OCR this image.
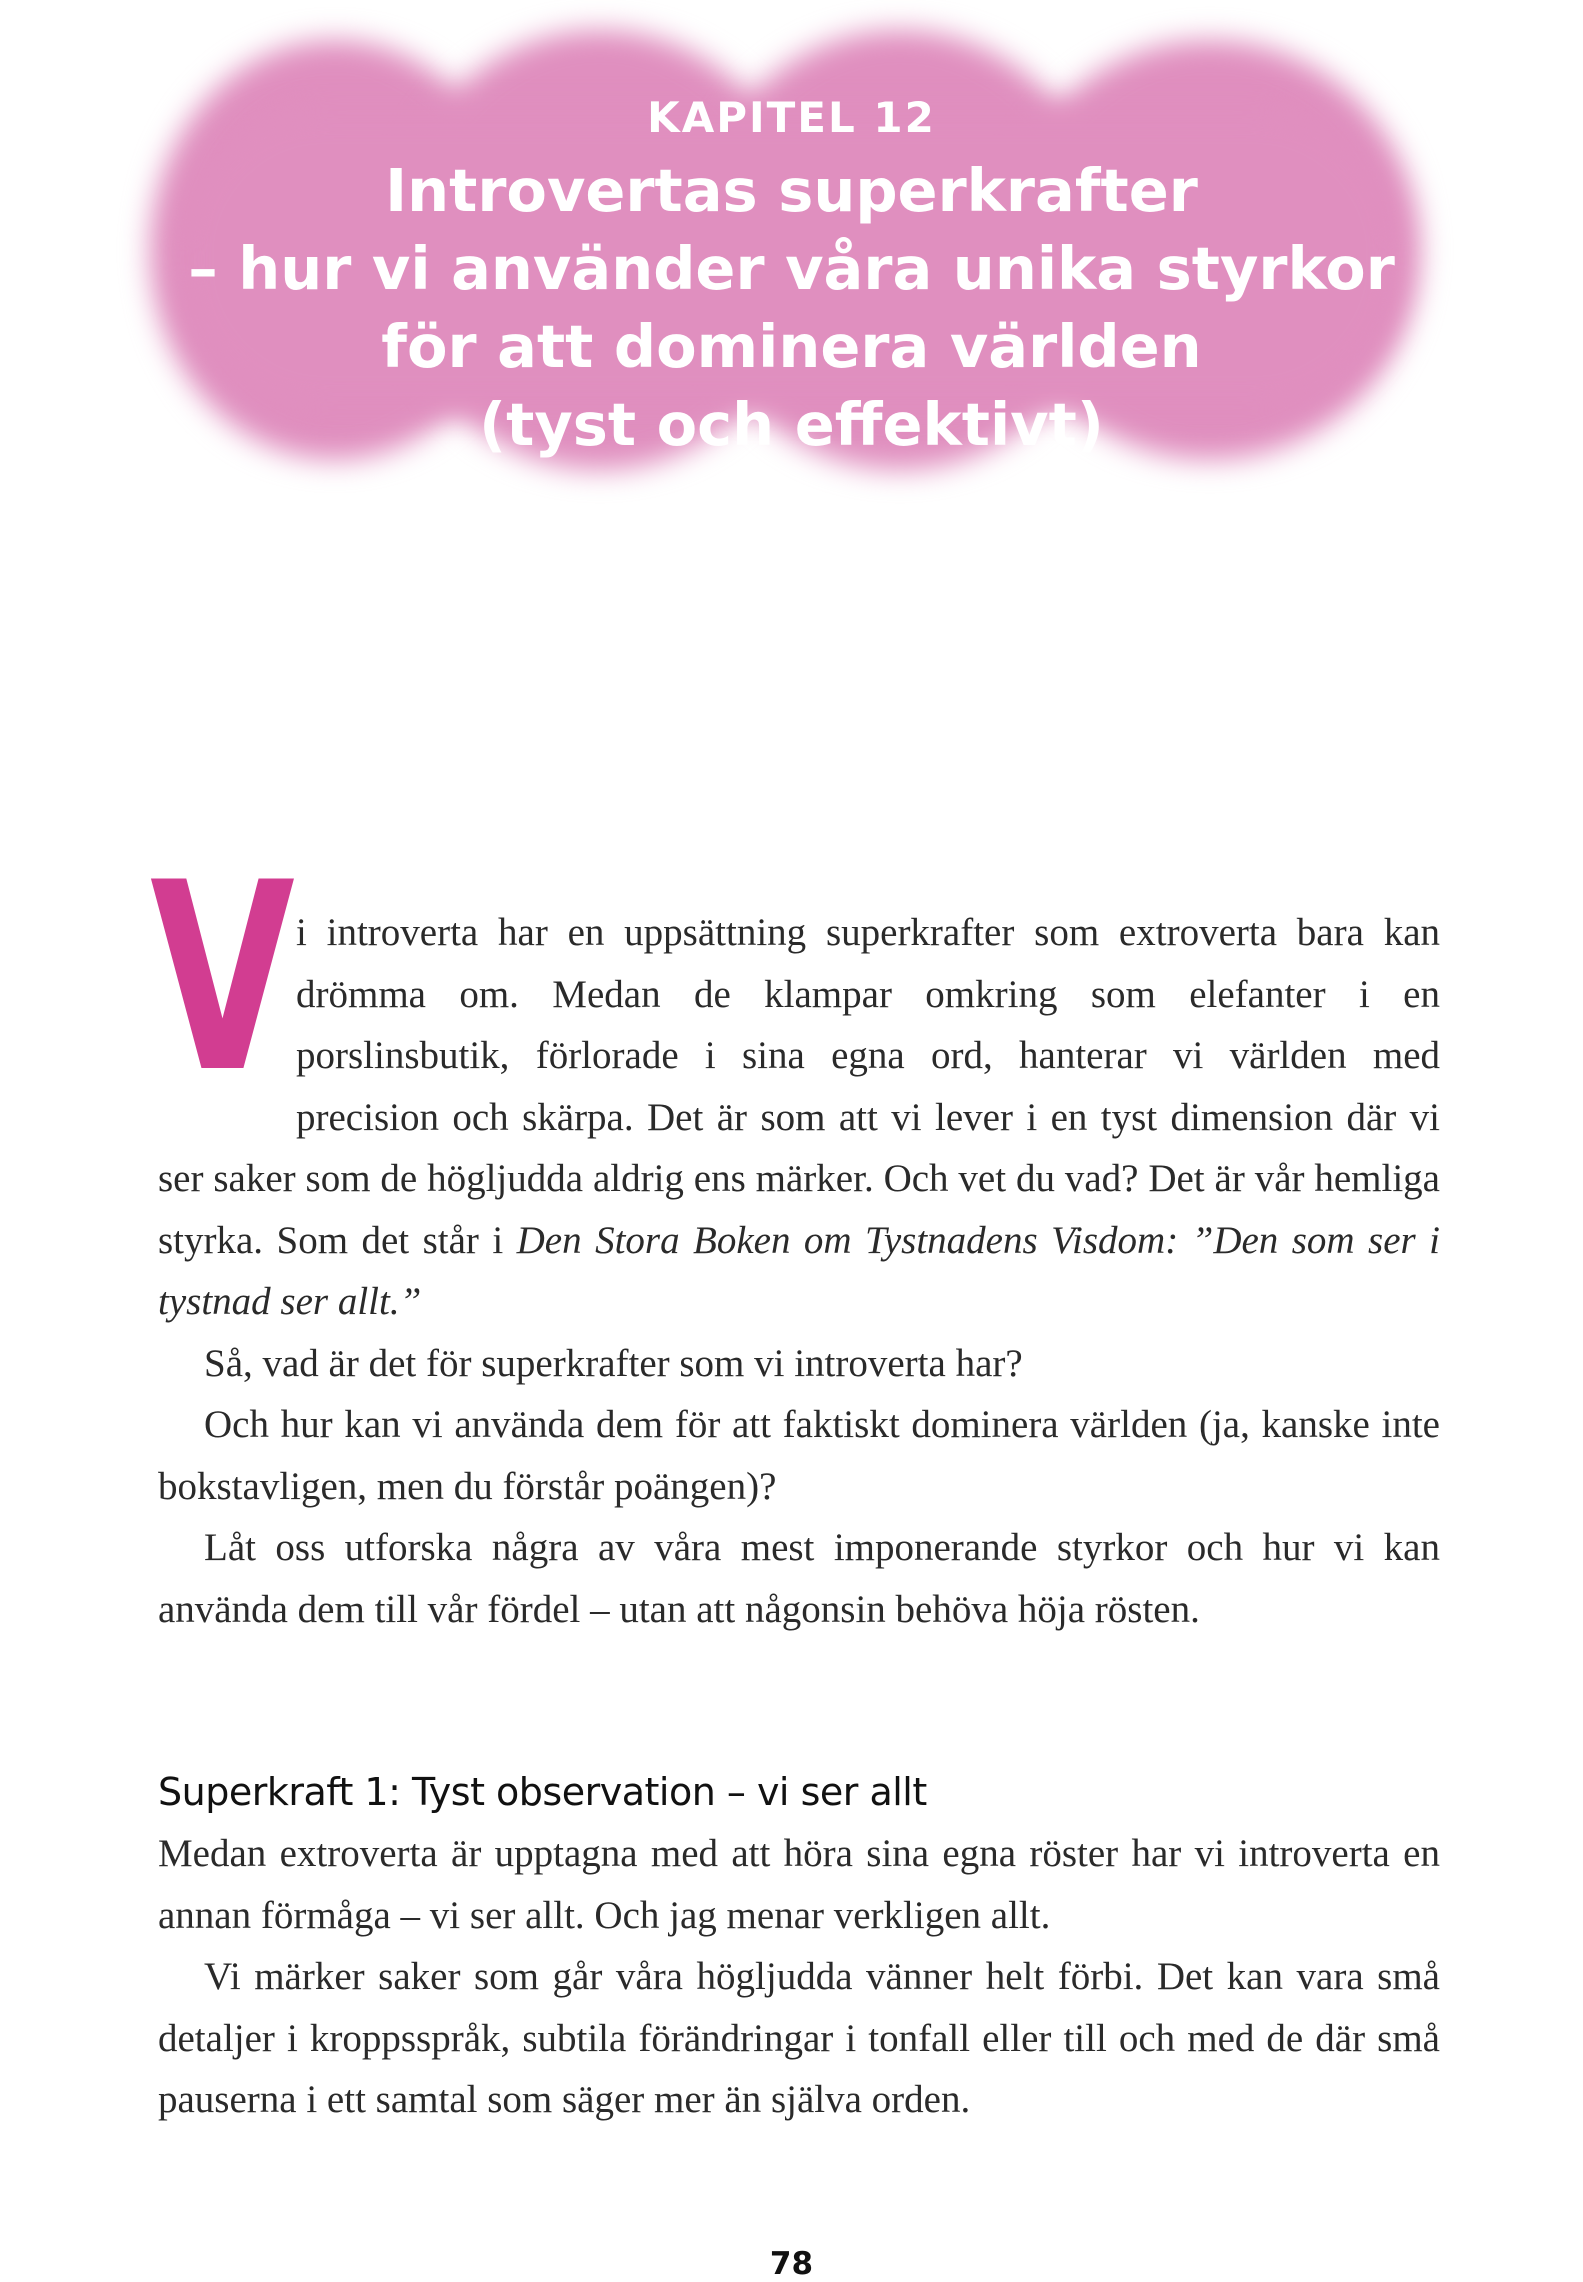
KAPITEL 12
Introvertas superkrafter
– hur vi använder våra unika styrkor
för att dominera världen
(tyst och effektivt)
V i introverta har en uppsättning superkrafter som extroverta bara kan drömma om. Medan de klampar omkring som elefanter i en porslinsbutik, förlorade i sina egna ord, hanterar vi världen med precision och skärpa. Det är som att vi lever i en tyst dimension där vi ser saker som de högljudda aldrig ens märker. Och vet du vad? Det är vår hemliga styrka. Som det står i Den Stora Boken om Tystnadens Visdom: ”Den som ser i tystnad ser allt.”

Så, vad är det för superkrafter som vi introverta har?

Och hur kan vi använda dem för att faktiskt dominera världen (ja, kanske inte bokstavligen, men du förstår poängen)?

Låt oss utforska några av våra mest imponerande styrkor och hur vi kan använda dem till vår fördel – utan att någonsin behöva höja rösten.

Superkraft 1: Tyst observation – vi ser allt

Medan extroverta är upptagna med att höra sina egna röster har vi introverta en annan förmåga – vi ser allt. Och jag menar verkligen allt.

Vi märker saker som går våra högljudda vänner helt förbi. Det kan vara små detaljer i kroppsspråk, subtila förändringar i tonfall eller till och med de där små pauserna i ett samtal som säger mer än själva orden.

78
